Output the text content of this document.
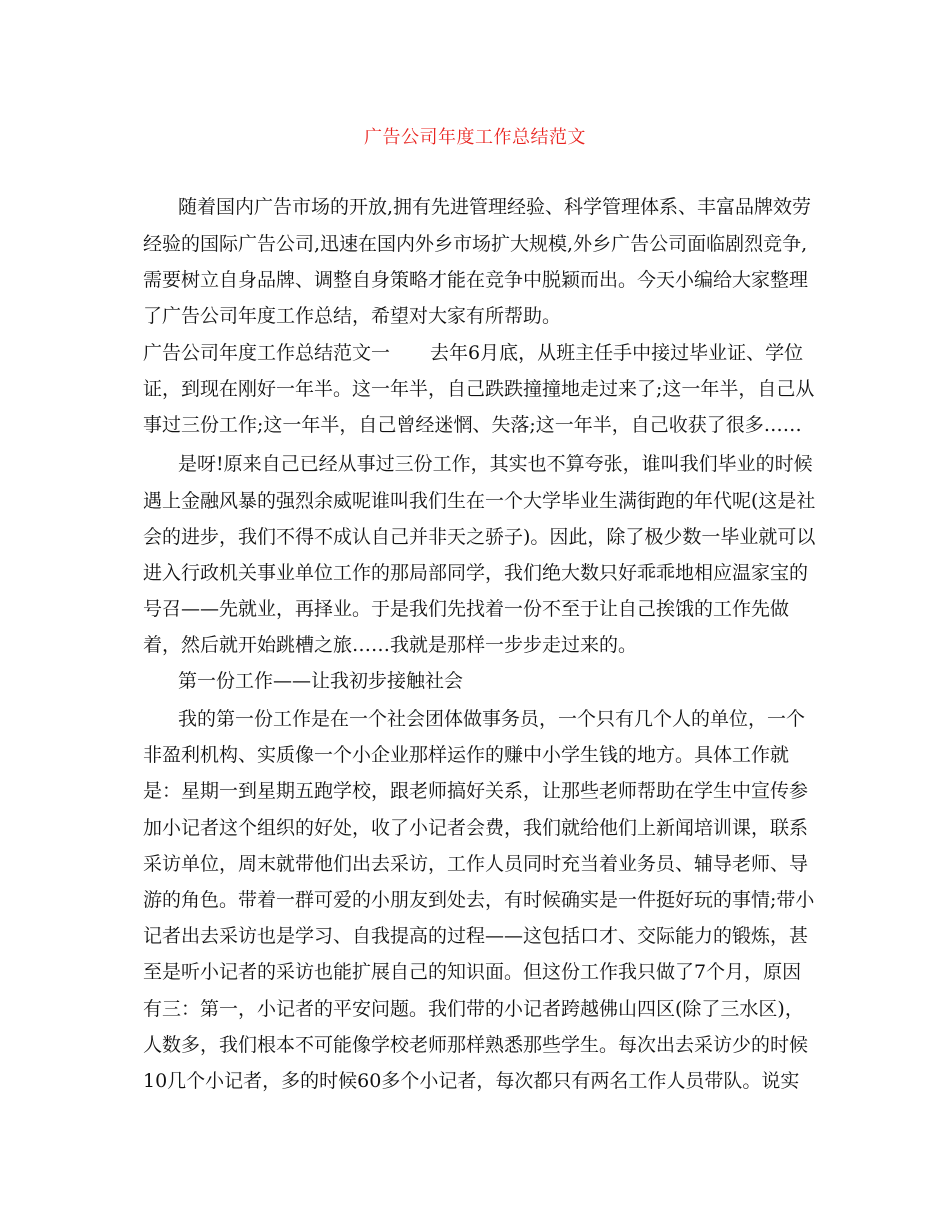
广告公司年度工作总结范文
随着国内广告市场的开放,拥有先进管理经验、科学管理体系、丰富品牌效劳
经验的国际广告公司,迅速在国内外乡市场扩大规模,外乡广告公司面临剧烈竞争,
需要树立自身品牌、调整自身策略才能在竞争中脱颖而出。今天小编给大家整理
了广告公司年度工作总结，希望对大家有所帮助。
广告公司年度工作总结范文一 去年6月底，从班主任手中接过毕业证、学位
证，到现在刚好一年半。这一年半，自己跌跌撞撞地走过来了;这一年半，自己从
事过三份工作;这一年半，自己曾经迷惘、失落;这一年半，自己收获了很多……
是呀!原来自己已经从事过三份工作，其实也不算夸张，谁叫我们毕业的时候
遇上金融风暴的强烈余威呢谁叫我们生在一个大学毕业生满街跑的年代呢(这是社
会的进步，我们不得不成认自己并非天之骄子)。因此，除了极少数一毕业就可以
进入行政机关事业单位工作的那局部同学，我们绝大数只好乖乖地相应温家宝的
号召——先就业，再择业。于是我们先找着一份不至于让自己挨饿的工作先做
着，然后就开始跳槽之旅……我就是那样一步步走过来的。
第一份工作——让我初步接触社会
我的第一份工作是在一个社会团体做事务员，一个只有几个人的单位，一个
非盈利机构、实质像一个小企业那样运作的赚中小学生钱的地方。具体工作就
是：星期一到星期五跑学校，跟老师搞好关系，让那些老师帮助在学生中宣传参
加小记者这个组织的好处，收了小记者会费，我们就给他们上新闻培训课，联系
采访单位，周末就带他们出去采访，工作人员同时充当着业务员、辅导老师、导
游的角色。带着一群可爱的小朋友到处去，有时候确实是一件挺好玩的事情;带小
记者出去采访也是学习、自我提高的过程——这包括口才、交际能力的锻炼，甚
至是听小记者的采访也能扩展自己的知识面。但这份工作我只做了7个月，原因
有三：第一，小记者的平安问题。我们带的小记者跨越佛山四区(除了三水区)，
人数多，我们根本不可能像学校老师那样熟悉那些学生。每次出去采访少的时候
10几个小记者，多的时候60多个小记者，每次都只有两名工作人员带队。说实
